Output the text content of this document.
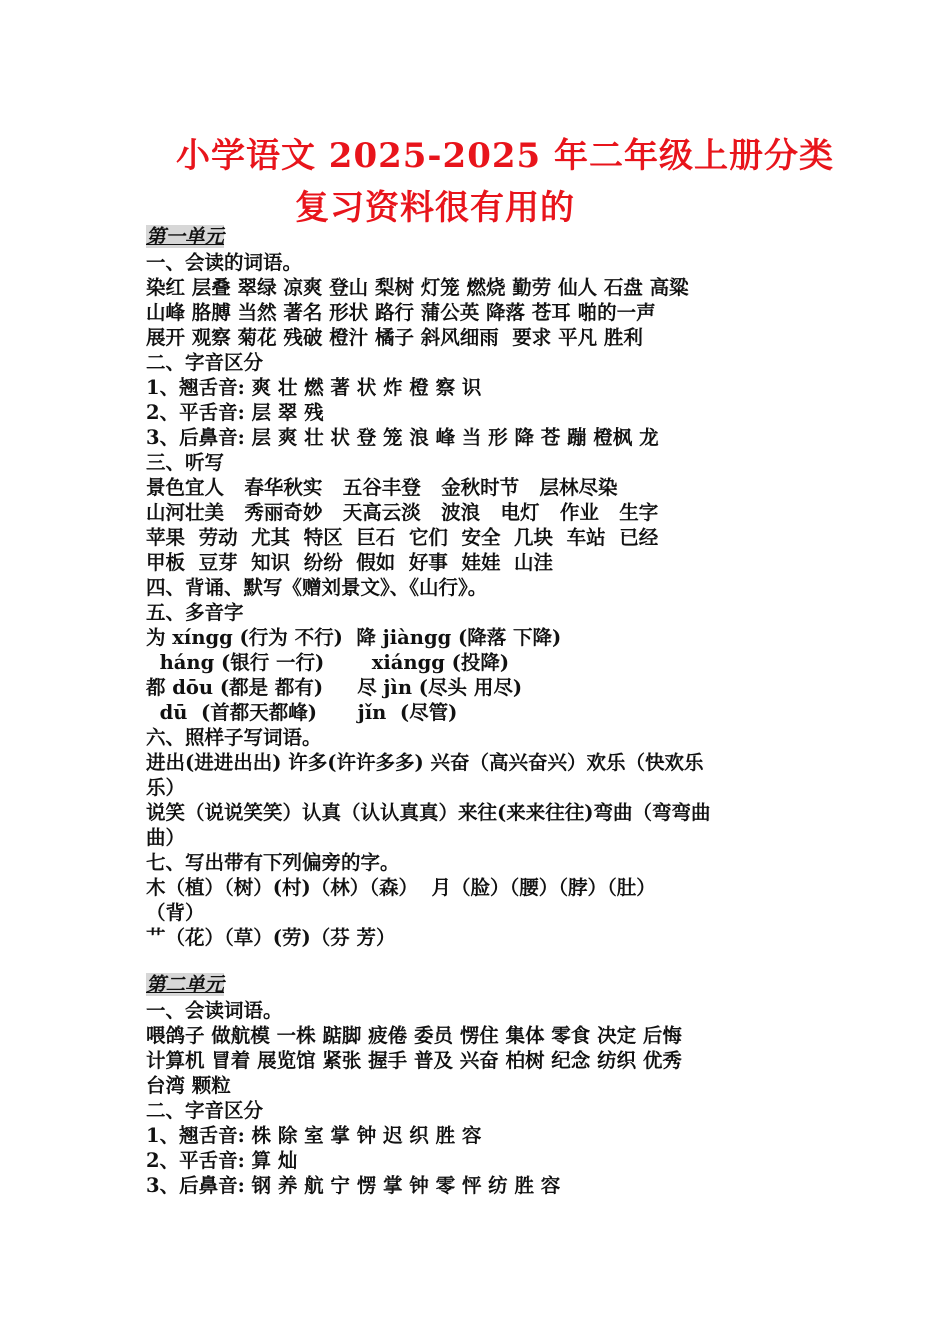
小学语文 2025-2025 年二年级上册分类
复习资料很有用的
第一单元
一、会读的词语。
染红 层叠 翠绿 凉爽 登山 梨树 灯笼 燃烧 勤劳 仙人 石盘 高粱
山峰 胳膊 当然 著名 形状 路行 蒲公英 降落 苍耳 啪的一声
展开 观察 菊花 残破 橙汁 橘子 斜风细雨  要求 平凡 胜利
二、字音区分
1、翘舌音: 爽 壮 燃 著 状 炸 橙 察 识
2、平舌音: 层 翠 残
3、后鼻音: 层 爽 壮 状 登 笼 浪 峰 当 形 降 苍 蹦 橙枫 龙
三、听写
景色宜人   春华秋实   五谷丰登   金秋时节   层林尽染
山河壮美   秀丽奇妙   天高云淡   波浪   电灯   作业   生字
苹果  劳动  尤其  特区  巨石  它们  安全  几块  车站  已经
甲板  豆芽  知识  纷纷  假如  好事  娃娃  山洼
四、背诵、默写《赠刘景文》、《山行》。
五、多音字
为 xíngg (行为 不行)  降 jiàngg (降落 下降)
háng (银行 一行)       xiángg (投降)
都 dōu (都是 都有)     尽 jìn (尽头 用尽)
dū  (首都天都峰)      jǐn  (尽管)
六、照样子写词语。
进出(进进出出) 许多(许许多多) 兴奋（高兴奋兴）欢乐（快欢乐
乐）
说笑（说说笑笑）认真（认认真真）来往(来来往往)弯曲（弯弯曲
曲）
七、写出带有下列偏旁的字。
木（植）（树）(村)（林）（森）  月（脸）（腰）（脖）（肚）
（背）
艹（花）（草）(劳)（芬 芳）
第二单元
一、会读词语。
喂鸽子 做航模 一株 踮脚 疲倦 委员 愣住 集体 零食 决定 后悔
计算机 冒着 展览馆 紧张 握手 普及 兴奋 柏树 纪念 纺织 优秀
台湾 颗粒
二、字音区分
1、翘舌音: 株 除 室 掌 钟 迟 织 胜 容
2、平舌音: 算 灿
3、后鼻音: 钢 养 航 宁 愣 掌 钟 零 怦 纺 胜 容
